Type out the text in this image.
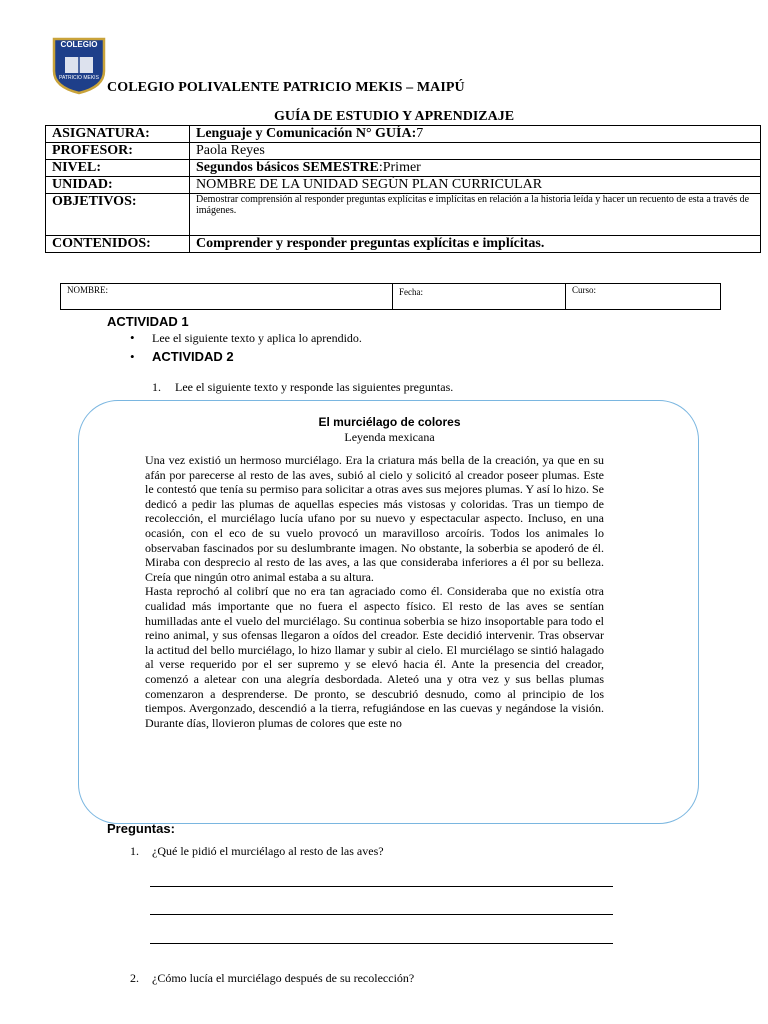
COLEGIO
PATRICIO MEKIS
COLEGIO POLIVALENTE PATRICIO MEKIS – MAIPÚ
GUÍA DE ESTUDIO Y APRENDIZAJE
ASIGNATURA:	Lenguaje y Comunicación N° GUÍA:7
PROFESOR:	Paola Reyes
NIVEL:	Segundos básicos SEMESTRE:Primer
UNIDAD:	NOMBRE DE LA UNIDAD SEGÚN PLAN CURRICULAR
OBJETIVOS:	Demostrar comprensión al responder preguntas explícitas e implícitas en relación a la historia leída y hacer un recuento de esta a través de imágenes.

CONTENIDOS:	Comprender y responder preguntas explícitas e implícitas.
NOMBRE:	Fecha:	Curso:
ACTIVIDAD 1
• Lee el siguiente texto y aplica lo aprendido.
• ACTIVIDAD 2
1. Lee el siguiente texto y responde las siguientes preguntas.
El murciélago de colores
Leyenda mexicana
Una vez existió un hermoso murciélago. Era la criatura más bella de la creación, ya que en su afán por parecerse al resto de las aves, subió al cielo y solicitó al creador poseer plumas. Este le contestó que tenía su permiso para solicitar a otras aves sus mejores plumas. Y así lo hizo. Se dedicó a pedir las plumas de aquellas especies más vistosas y coloridas. Tras un tiempo de recolección, el murciélago lucía ufano por su nuevo y espectacular aspecto. Incluso, en una ocasión, con el eco de su vuelo provocó un maravilloso arcoíris. Todos los animales lo observaban fascinados por su deslumbrante imagen. No obstante, la soberbia se apoderó de él. Miraba con desprecio al resto de las aves, a las que consideraba inferiores a él por su belleza. Creía que ningún otro animal estaba a su altura.
Hasta reprochó al colibrí que no era tan agraciado como él. Consideraba que no existía otra cualidad más importante que no fuera el aspecto físico. El resto de las aves se sentían humilladas ante el vuelo del murciélago. Su continua soberbia se hizo insoportable para todo el reino animal, y sus ofensas llegaron a oídos del creador. Este decidió intervenir. Tras observar la actitud del bello murciélago, lo hizo llamar y subir al cielo. El murciélago se sintió halagado al verse requerido por el ser supremo y se elevó hacia él. Ante la presencia del creador, comenzó a aletear con una alegría desbordada. Aleteó una y otra vez y sus bellas plumas comenzaron a desprenderse. De pronto, se descubrió desnudo, como al principio de los tiempos. Avergonzado, descendió a la tierra, refugiándose en las cuevas y negándose la visión. Durante días, llovieron plumas de colores que este no
Preguntas:
1. ¿Qué le pidió el murciélago al resto de las aves?
2. ¿Cómo lucía el murciélago después de su recolección?
